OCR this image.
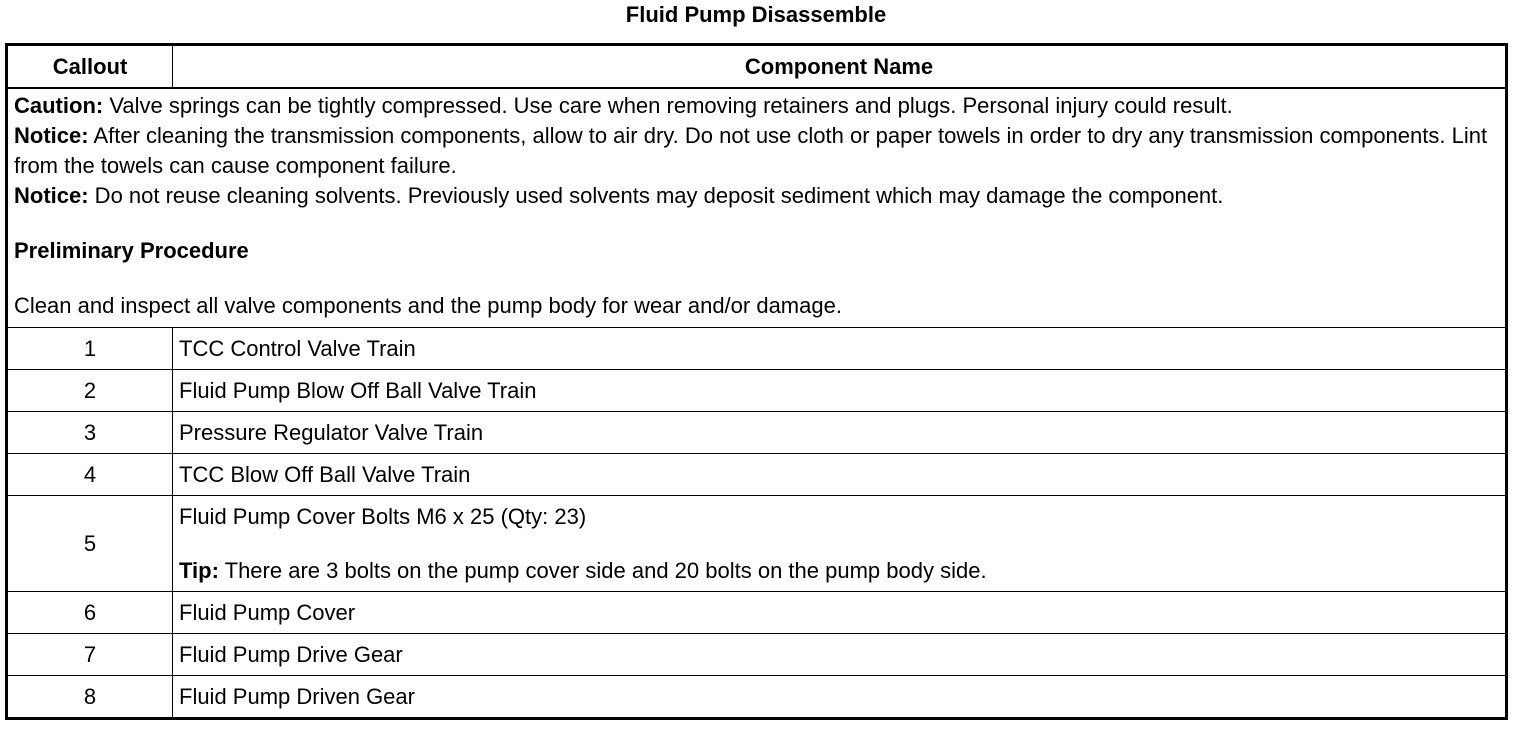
Fluid Pump Disassemble
Callout	Component Name

Caution: Valve springs can be tightly compressed. Use care when removing retainers and plugs. Personal injury could result.
Notice: After cleaning the transmission components, allow to air dry. Do not use cloth or paper towels in order to dry any transmission components. Lint from the towels can cause component failure.
Notice: Do not reuse cleaning solvents. Previously used solvents may deposit sediment which may damage the component.
Preliminary Procedure
Clean and inspect all valve components and the pump body for wear and/or damage.	

1	TCC Control Valve Train
2	Fluid Pump Blow Off Ball Valve Train
3	Pressure Regulator Valve Train
4	TCC Blow Off Ball Valve Train
5	Fluid Pump Cover Bolts M6 x 25 (Qty: 23)
Tip: There are 3 bolts on the pump cover side and 20 bolts on the pump body side.

6	Fluid Pump Cover
7	Fluid Pump Drive Gear
8	Fluid Pump Driven Gear
